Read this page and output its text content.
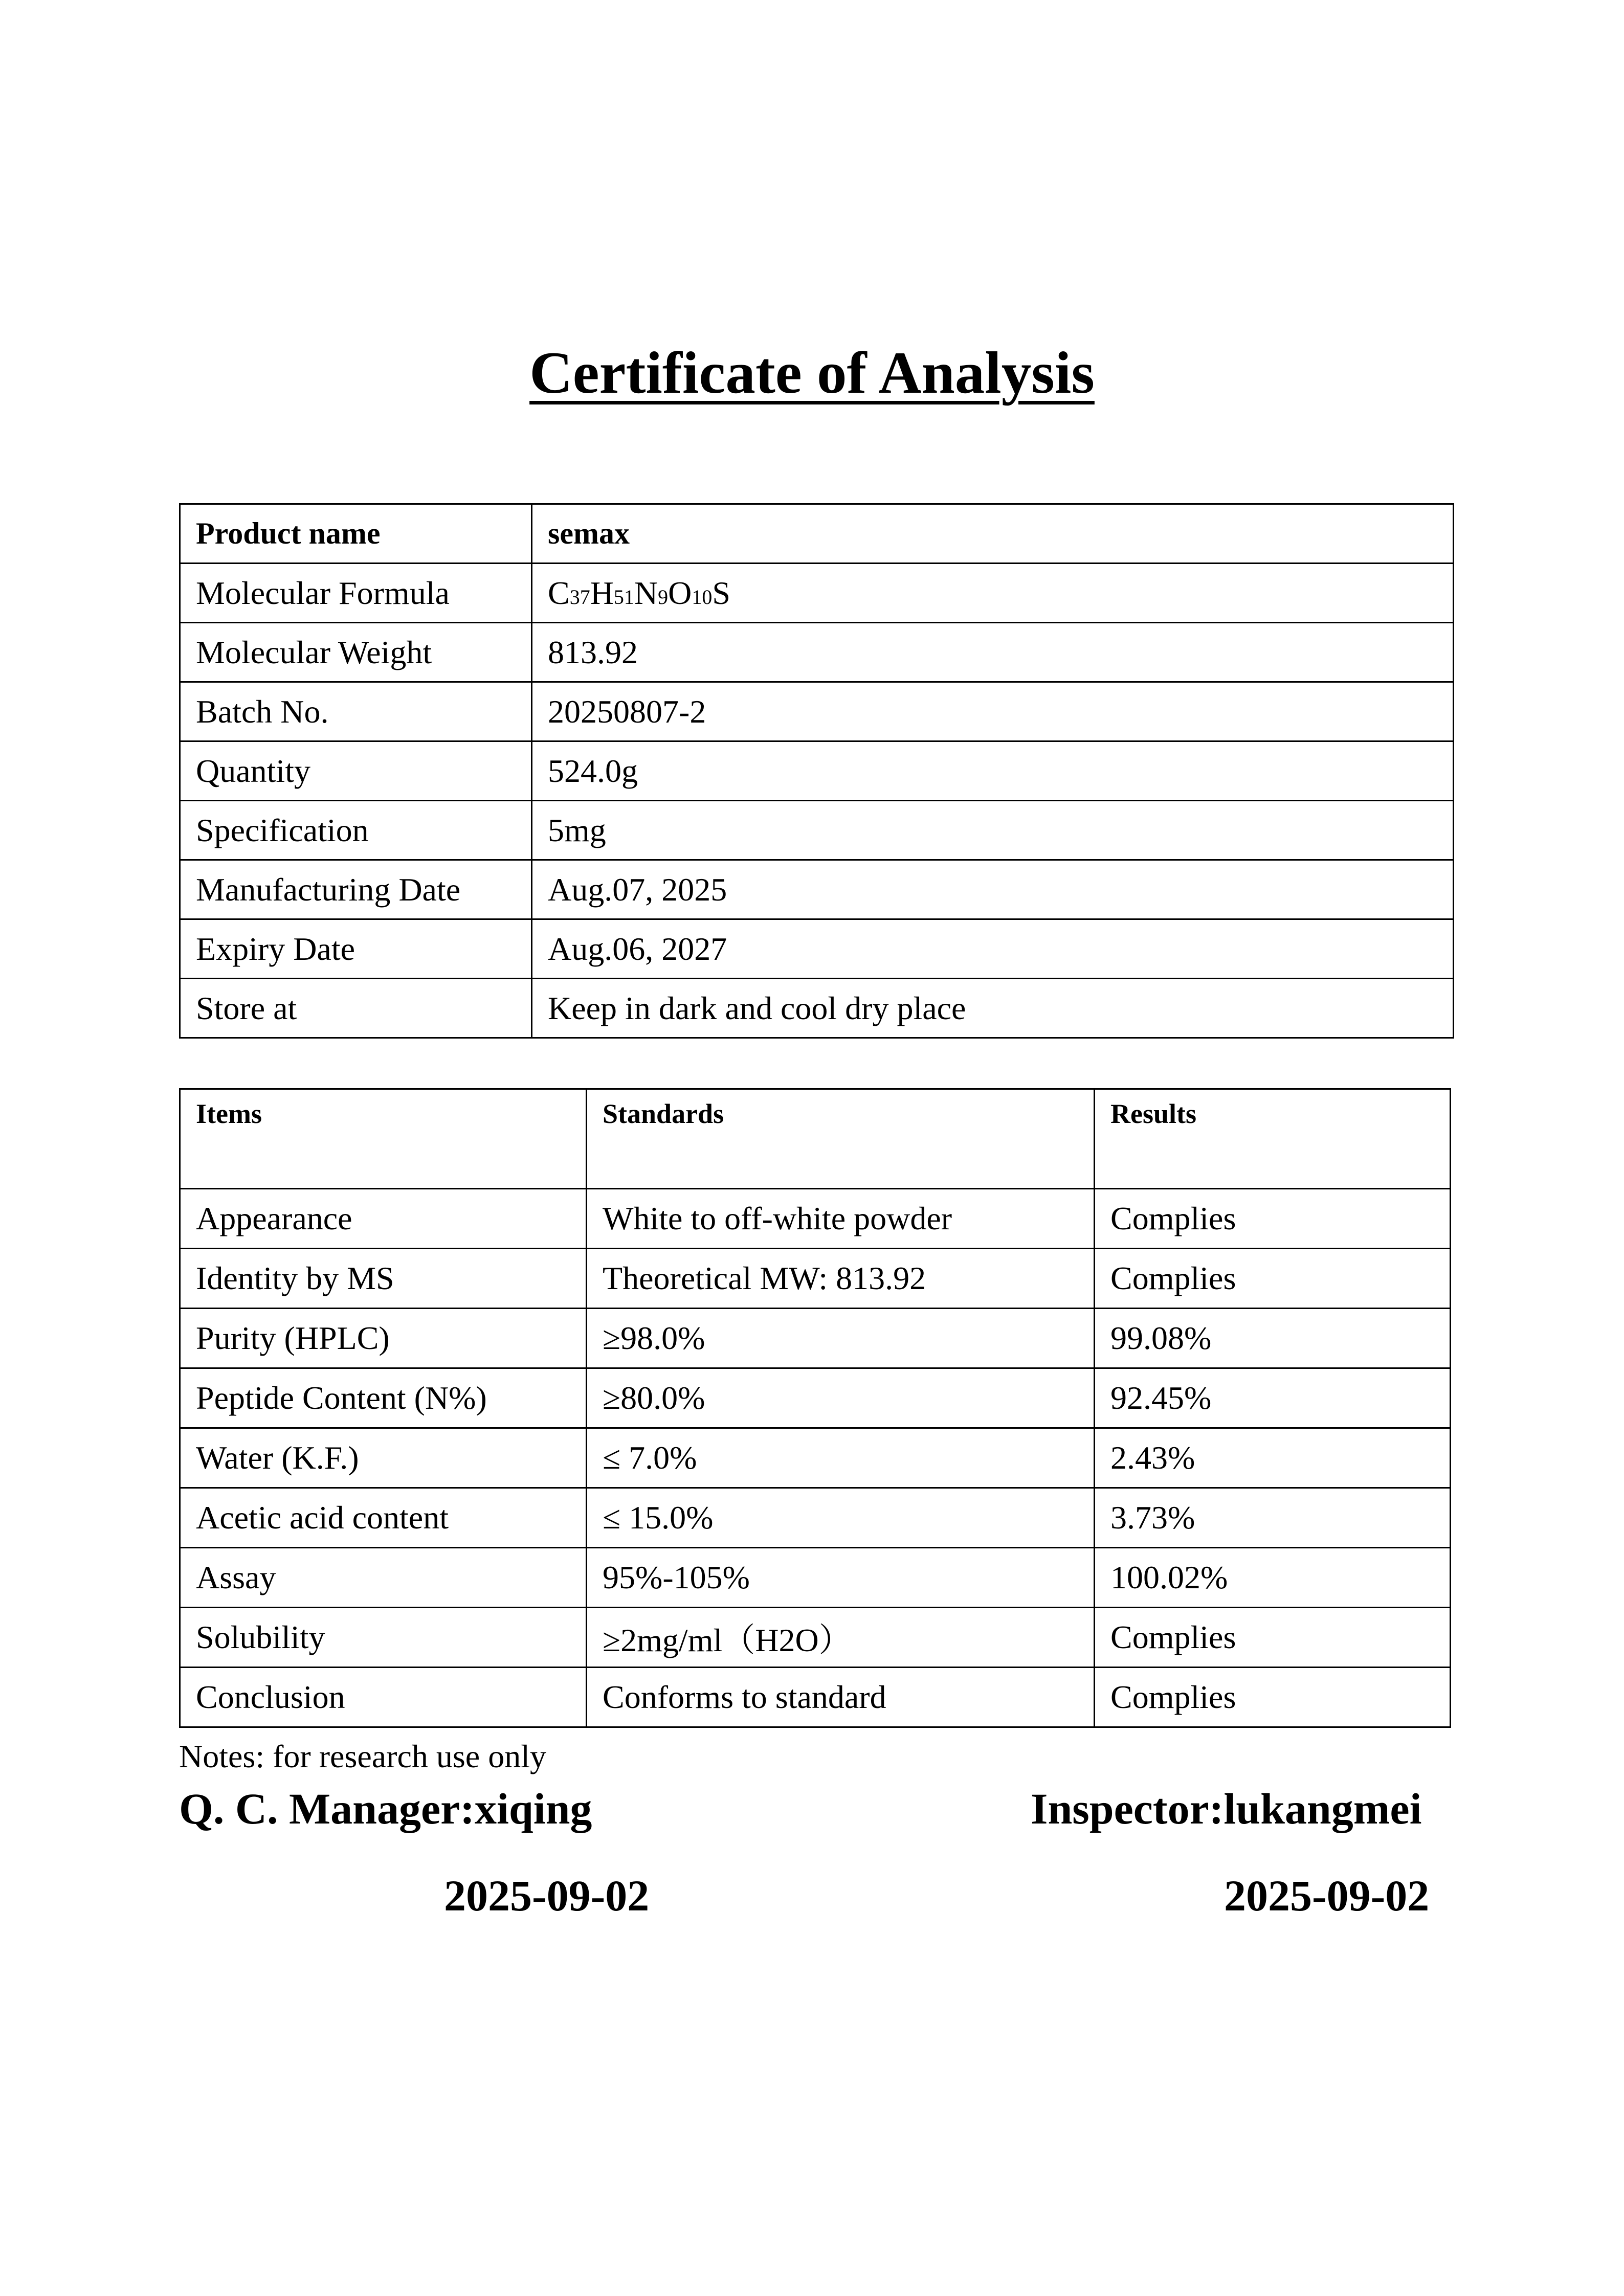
Certificate of Analysis
Product name	semax
Molecular Formula	C37H51N9O10S
Molecular Weight	813.92
Batch No.	20250807-2
Quantity	524.0g
Specification	5mg
Manufacturing Date	Aug.07, 2025
Expiry Date	Aug.06, 2027
Store at	Keep in dark and cool dry place
Items	Standards	Results
Appearance	White to off-white powder	Complies
Identity by MS	Theoretical MW: 813.92	Complies
Purity (HPLC)	≥98.0%	99.08%
Peptide Content (N%)	≥80.0%	92.45%
Water (K.F.)	≤ 7.0%	2.43%
Acetic acid content	≤ 15.0%	3.73%
Assay	95%-105%	100.02%
Solubility	≥2mg/ml（H2O）	Complies
Conclusion	Conforms to standard	Complies
Notes: for research use only
Q. C. Manager:xiqing	Inspector:lukangmei
2025-09-02	2025-09-02
